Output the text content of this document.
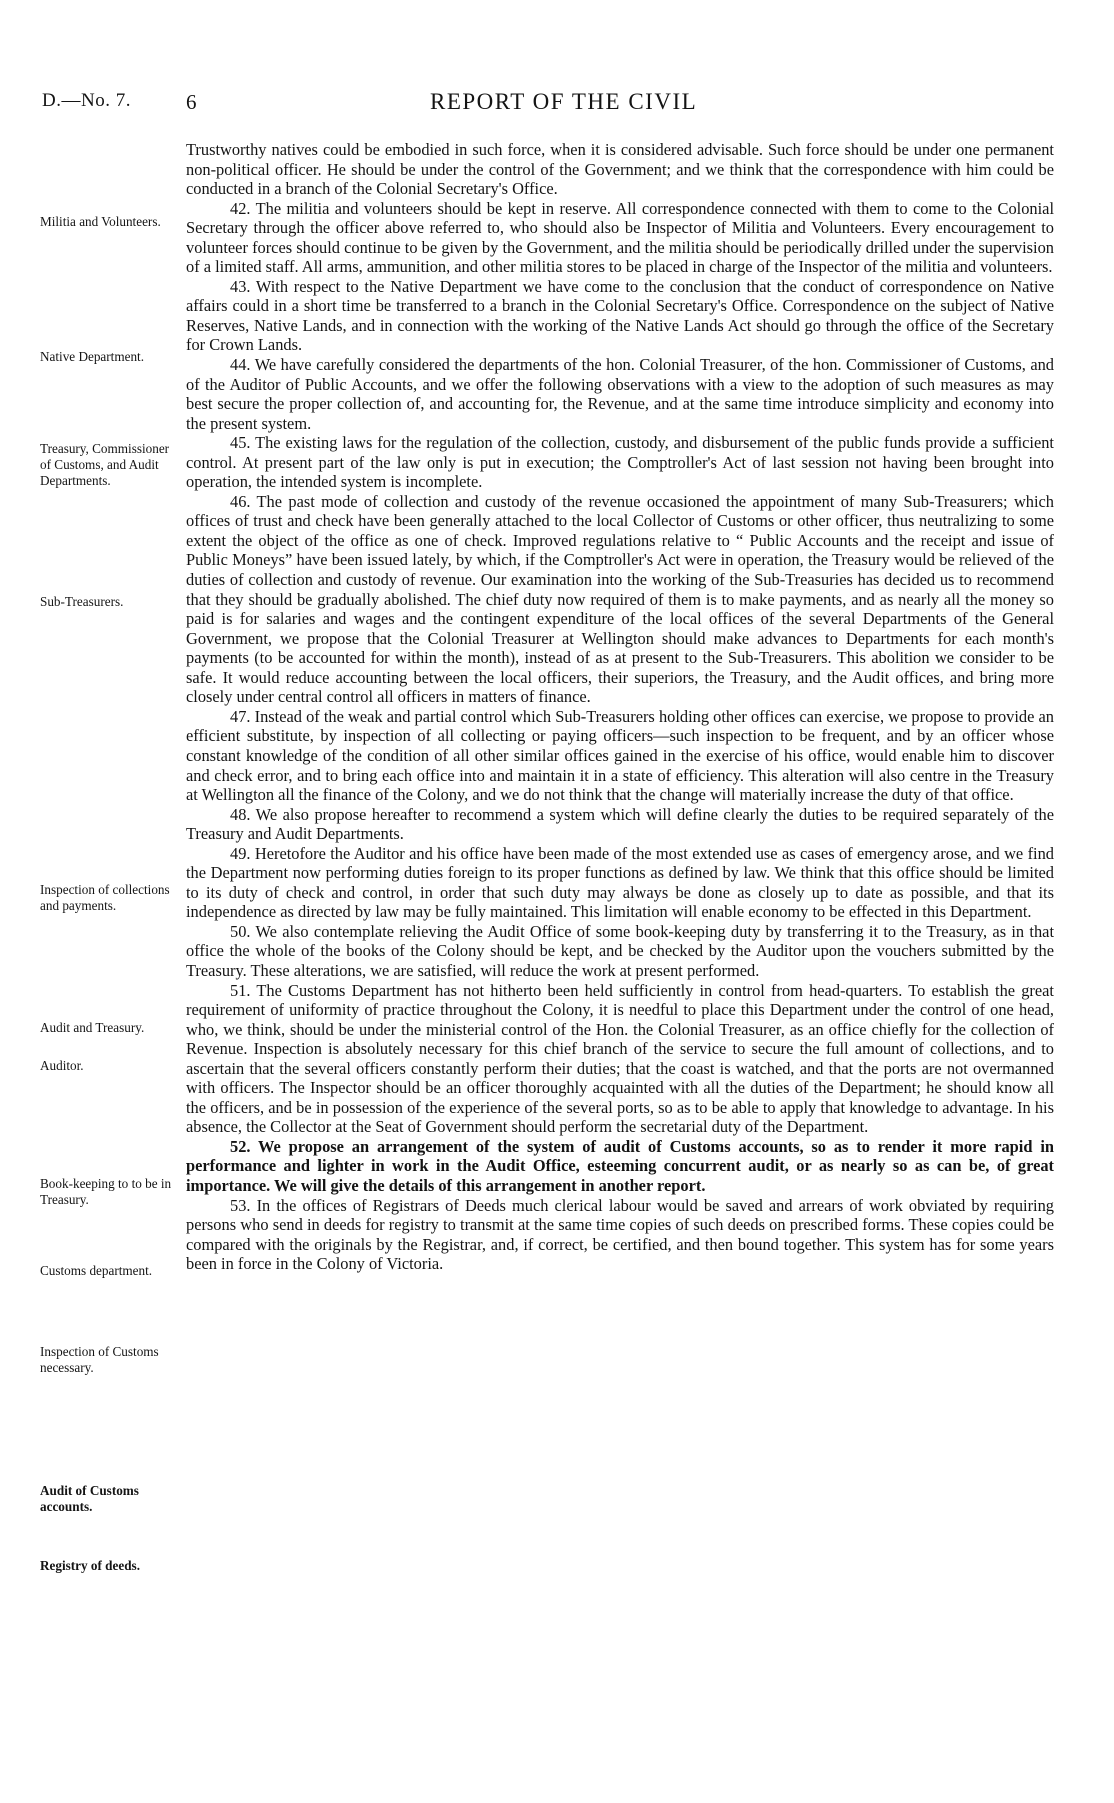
D.—No. 7.	6	REPORT OF THE CIVIL
Militia and Volunteers.
Native Department.
Treasury, Commissioner of Customs, and Audit Departments.
Sub-Treasurers.
Inspection of collections and payments.
Audit and Treasury.
Auditor.
Book-keeping to to be in Treasury.
Customs department.
Inspection of Customs necessary.
Audit of Customs accounts.
Registry of deeds.

Trustworthy natives could be embodied in such force, when it is considered advisable. Such force should be under one permanent non-political officer. He should be under the control of the Government; and we think that the correspondence with him could be conducted in a branch of the Colonial Secretary's Office.

42. The militia and volunteers should be kept in reserve. All correspondence connected with them to come to the Colonial Secretary through the officer above referred to, who should also be Inspector of Militia and Volunteers. Every encouragement to volunteer forces should continue to be given by the Government, and the militia should be periodically drilled under the supervision of a limited staff. All arms, ammunition, and other militia stores to be placed in charge of the Inspector of the militia and volunteers.

43. With respect to the Native Department we have come to the conclusion that the conduct of correspondence on Native affairs could in a short time be transferred to a branch in the Colonial Secretary's Office. Correspondence on the subject of Native Reserves, Native Lands, and in connection with the working of the Native Lands Act should go through the office of the Secretary for Crown Lands.

44. We have carefully considered the departments of the hon. Colonial Treasurer, of the hon. Commissioner of Customs, and of the Auditor of Public Accounts, and we offer the following observations with a view to the adoption of such measures as may best secure the proper collection of, and accounting for, the Revenue, and at the same time introduce simplicity and economy into the present system.

45. The existing laws for the regulation of the collection, custody, and disbursement of the public funds provide a sufficient control. At present part of the law only is put in execution; the Comptroller's Act of last session not having been brought into operation, the intended system is incomplete.

46. The past mode of collection and custody of the revenue occasioned the appointment of many Sub-Treasurers; which offices of trust and check have been generally attached to the local Collector of Customs or other officer, thus neutralizing to some extent the object of the office as one of check. Improved regulations relative to “ Public Accounts and the receipt and issue of Public Moneys” have been issued lately, by which, if the Comptroller's Act were in operation, the Treasury would be relieved of the duties of collection and custody of revenue. Our examination into the working of the Sub-Treasuries has decided us to recommend that they should be gradually abolished. The chief duty now required of them is to make payments, and as nearly all the money so paid is for salaries and wages and the contingent expenditure of the local offices of the several Departments of the General Government, we propose that the Colonial Treasurer at Wellington should make advances to Departments for each month's payments (to be accounted for within the month), instead of as at present to the Sub-Treasurers. This abolition we consider to be safe. It would reduce accounting between the local officers, their superiors, the Treasury, and the Audit offices, and bring more closely under central control all officers in matters of finance.

47. Instead of the weak and partial control which Sub-Treasurers holding other offices can exercise, we propose to provide an efficient substitute, by inspection of all collecting or paying officers—such inspection to be frequent, and by an officer whose constant knowledge of the condition of all other similar offices gained in the exercise of his office, would enable him to discover and check error, and to bring each office into and maintain it in a state of efficiency. This alteration will also centre in the Treasury at Wellington all the finance of the Colony, and we do not think that the change will materially increase the duty of that office.

48. We also propose hereafter to recommend a system which will define clearly the duties to be required separately of the Treasury and Audit Departments.

49. Heretofore the Auditor and his office have been made of the most extended use as cases of emergency arose, and we find the Department now performing duties foreign to its proper functions as defined by law. We think that this office should be limited to its duty of check and control, in order that such duty may always be done as closely up to date as possible, and that its independence as directed by law may be fully maintained. This limitation will enable economy to be effected in this Department.

50. We also contemplate relieving the Audit Office of some book-keeping duty by transferring it to the Treasury, as in that office the whole of the books of the Colony should be kept, and be checked by the Auditor upon the vouchers submitted by the Treasury. These alterations, we are satisfied, will reduce the work at present performed.

51. The Customs Department has not hitherto been held sufficiently in control from head-quarters. To establish the great requirement of uniformity of practice throughout the Colony, it is needful to place this Department under the control of one head, who, we think, should be under the ministerial control of the Hon. the Colonial Treasurer, as an office chiefly for the collection of Revenue. Inspection is absolutely necessary for this chief branch of the service to secure the full amount of collections, and to ascertain that the several officers constantly perform their duties; that the coast is watched, and that the ports are not overmanned with officers. The Inspector should be an officer thoroughly acquainted with all the duties of the Department; he should know all the officers, and be in possession of the experience of the several ports, so as to be able to apply that knowledge to advantage. In his absence, the Collector at the Seat of Government should perform the secretarial duty of the Department.

52. We propose an arrangement of the system of audit of Customs accounts, so as to render it more rapid in performance and lighter in work in the Audit Office, esteeming concurrent audit, or as nearly so as can be, of great importance. We will give the details of this arrangement in another report.

53. In the offices of Registrars of Deeds much clerical labour would be saved and arrears of work obviated by requiring persons who send in deeds for registry to transmit at the same time copies of such deeds on prescribed forms. These copies could be compared with the originals by the Registrar, and, if correct, be certified, and then bound together. This system has for some years been in force in the Colony of Victoria.
